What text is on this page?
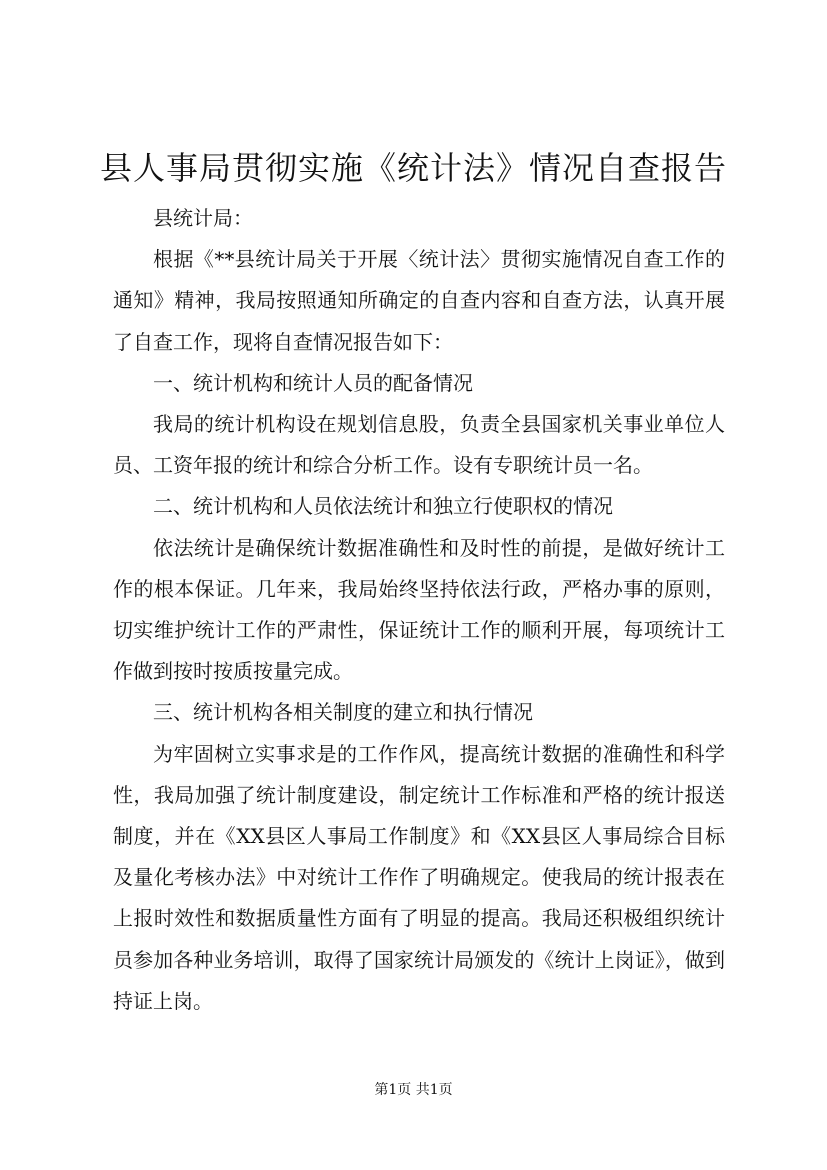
县人事局贯彻实施《统计法》情况自查报告

县统计局：

根据《**县统计局关于开展〈统计法〉贯彻实施情况自查工作的通知》精神，我局按照通知所确定的自查内容和自查方法，认真开展了自查工作，现将自查情况报告如下：

一、统计机构和统计人员的配备情况

我局的统计机构设在规划信息股，负责全县国家机关事业单位人员、工资年报的统计和综合分析工作。设有专职统计员一名。

二、统计机构和人员依法统计和独立行使职权的情况

依法统计是确保统计数据准确性和及时性的前提，是做好统计工作的根本保证。几年来，我局始终坚持依法行政，严格办事的原则，切实维护统计工作的严肃性，保证统计工作的顺利开展，每项统计工作做到按时按质按量完成。

三、统计机构各相关制度的建立和执行情况

为牢固树立实事求是的工作作风，提高统计数据的准确性和科学性，我局加强了统计制度建设，制定统计工作标准和严格的统计报送制度，并在《XX县区人事局工作制度》和《XX县区人事局综合目标及量化考核办法》中对统计工作作了明确规定。使我局的统计报表在上报时效性和数据质量性方面有了明显的提高。我局还积极组织统计员参加各种业务培训，取得了国家统计局颁发的《统计上岗证》，做到持证上岗。

第1页 共1页
